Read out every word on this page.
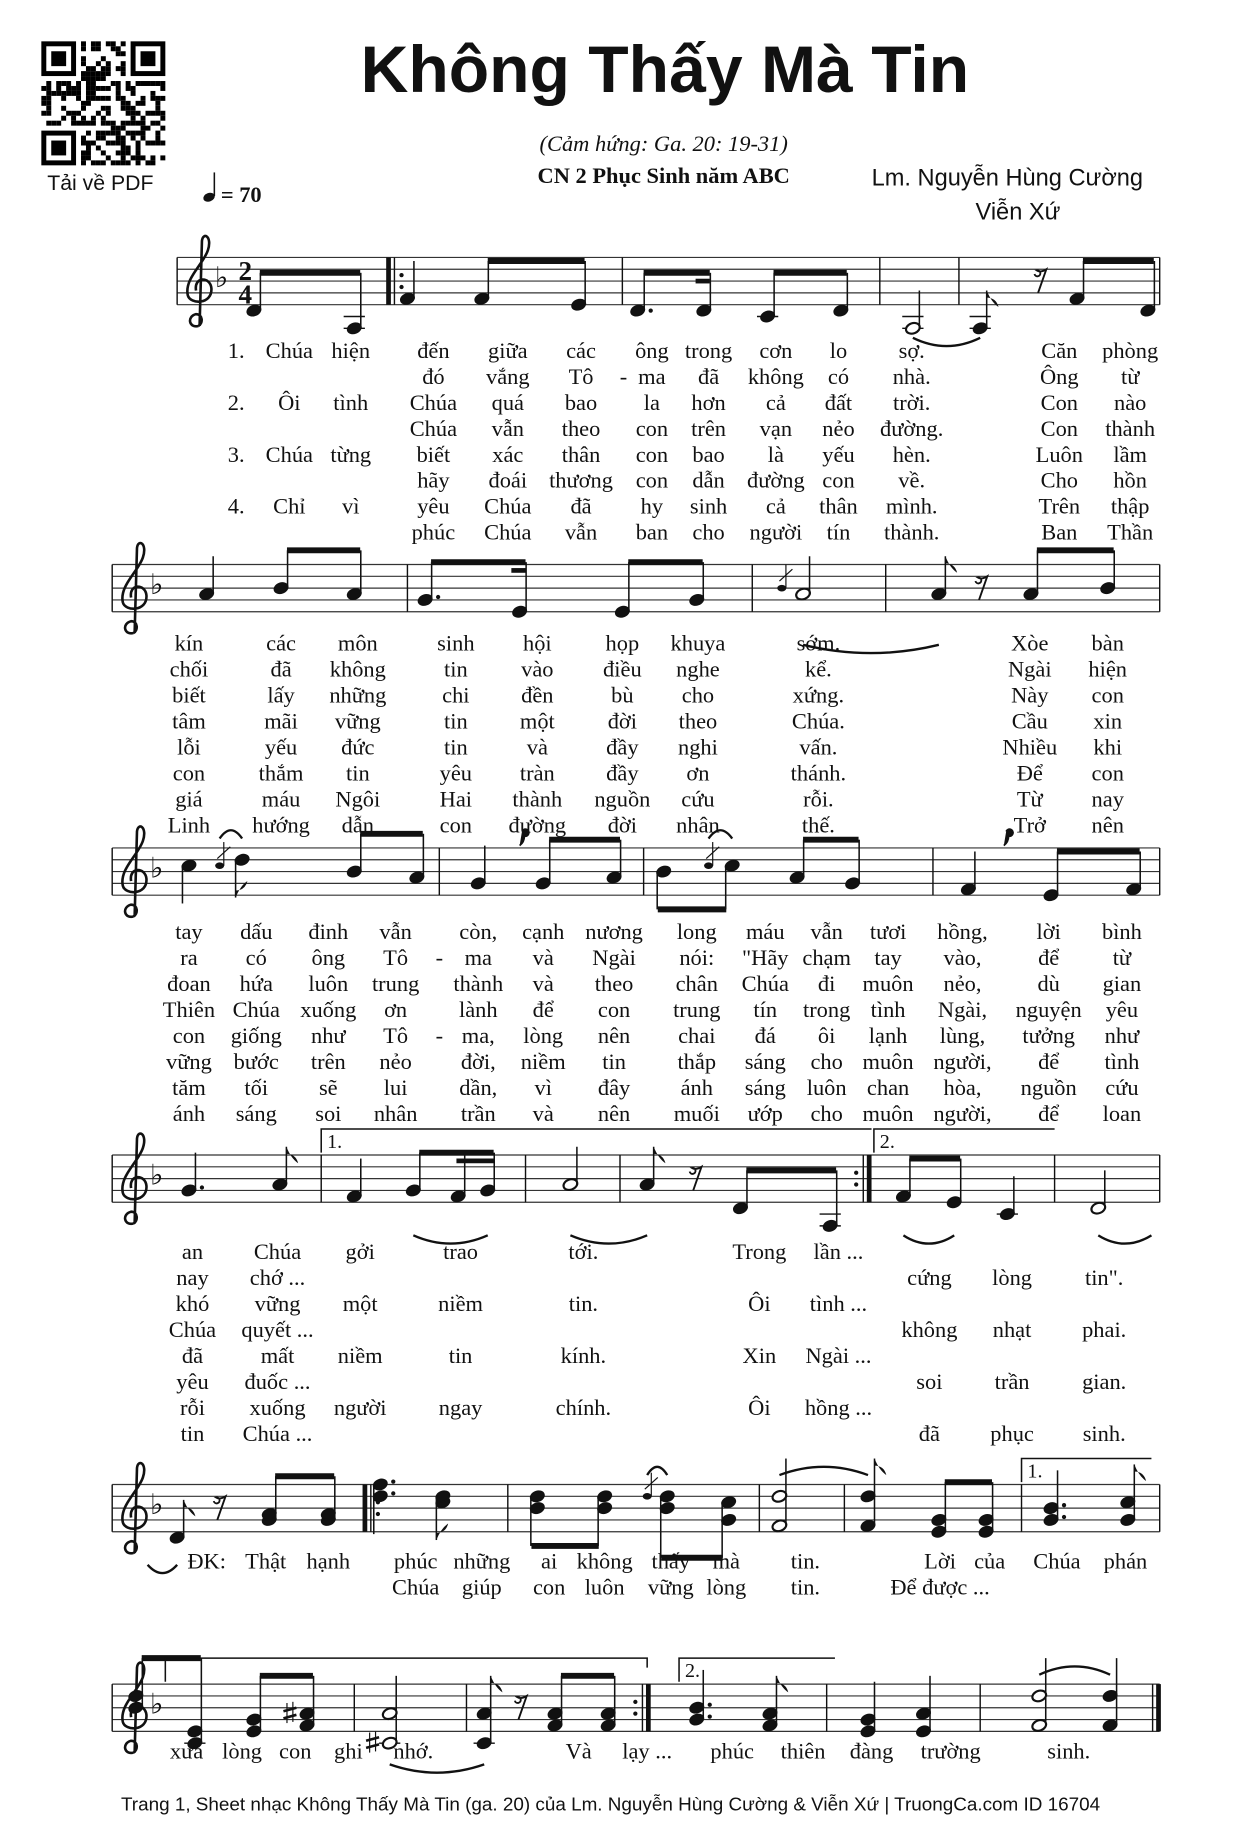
Tải về PDF
Không Thấy Mà Tin
(Cảm hứng: Ga. 20: 19-31)
CN 2 Phục Sinh năm ABC	Lm. Nguyễn Hùng Cường
Viễn Xứ
= 70
♭ 2
4
♭
♭
♭
1.	2.
♭
1.
♭
2.
1. Chúa hiện đến giữa các ông trong cơn lo	sợ.	Căn phòng
đó vắng Tô - ma đã không có nhà.	Ông từ
2. Ôi tình Chúa quá bao la hơn cả đất trời.	Con nào
Chúa vẫn theo con trên vạn nẻo đường.	Con thành
3. Chúa từng biết xác thân con bao là yếu hèn.	Luôn lầm
hãy đoái thương con dẫn đường con về.	Cho hồn
4. Chỉ vì	yêu Chúa đã	hy sinh cả thân mình.	Trên thập
phúc Chúa vẫn ban cho người tín thành.	Ban Thần
kín	các môn	sinh	hội	họp khuya	sớm.	Xòe bàn
chối	đã không	tin	vào	điều nghe	kể.	Ngài hiện
biết	lấy những	chi	đền	bù	cho	xứng.	Này con
tâm	mãi vững	tin	một	đời theo	Chúa.	Cầu xin
lỗi	yếu đức	tin	và	đầy nghi	vấn.	Nhiều khi
con	thắm tin	yêu	tràn	đầy	ơn	thánh.	Để	con
giá	máu Ngôi	Hai thành nguồn cứu	rỗi.	Từ	nay
Linh hướng dẫn	con đường đời nhân	thế.	Trở nên
tay dấu đinh vẫn còn, cạnh nương long máu vẫn tươi hồng,	lời bình
ra	có ông Tô - ma và Ngài nói: "Hãy chạm tay vào,	để	từ
đoan hứa luôn trung thành và theo chân Chúa đi muôn nẻo,	dù gian
Thiên Chúa xuống ơn	lành để con trung tín trong tình Ngài, nguyện yêu
con giống như Tô - ma, lòng nên	chai đá ôi lạnh lùng, tưởng như
vững bước trên nẻo	đời, niềm tin	thắp sáng cho muôn người, để tình
tăm tối	sẽ lui	dần, vì đây	ánh sáng luôn chan hòa, nguồn cứu
ánh sáng soi nhân trần và nên muối ướp cho muôn người, để loan
an	Chúa gởi	trao	tới.	Trong lần ...
nay chớ ...	cứng lòng	tin".
khó vững một	niềm	tin.	Ôi tình ...
Chúa quyết ...	không nhạt	phai.
đã	mất niềm	tin	kính.	Xin Ngài ...
yêu đuốc ...	soi	trần	gian.
rỗi xuống người	ngay	chính.	Ôi hồng ...
tin Chúa ...	đã	phục	sinh.
ĐK: Thật hạnh phúc những ai không thấy mà	tin.	Lời của Chúa phán
Chúa giúp con luôn vững lòng tin.	Để được ...
xưa lòng con ghi nhớ.	Và lạy ... phúc thiên đàng trường	sinh.
Trang 1, Sheet nhạc Không Thấy Mà Tin (ga. 20) của Lm. Nguyễn Hùng Cường & Viễn Xứ | TruongCa.com ID 16704
